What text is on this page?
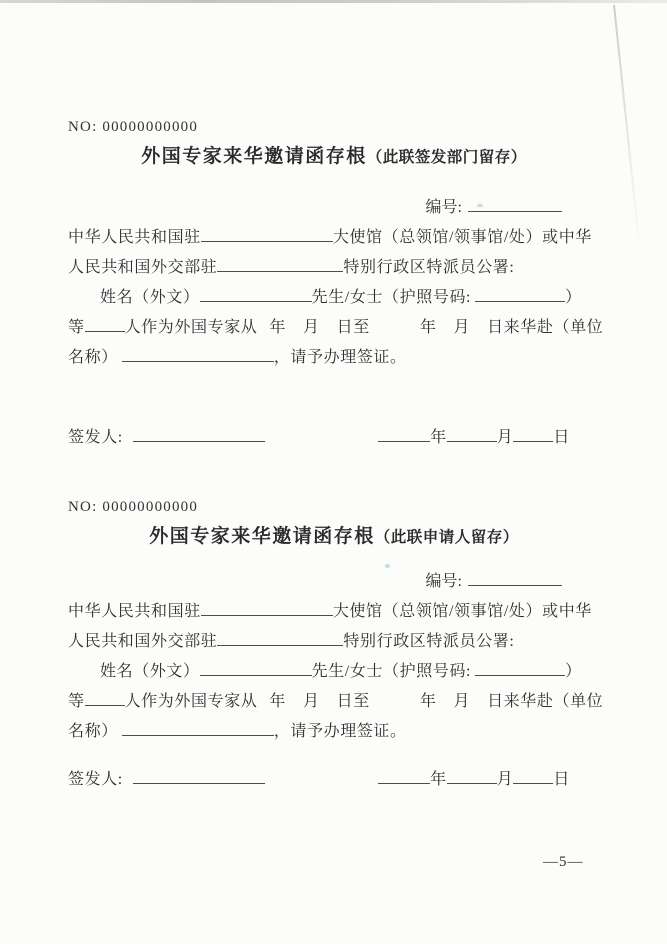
NO: 00000000000
外国专家来华邀请函存根（此联签发部门留存）
编号:
中华人民共和国驻	大使馆（总领馆/领事馆/处）或中华
人民共和国外交部驻	特别行政区特派员公署:
姓名（外文）	先生/女士（护照号码:	）
等	人作为外国专家从 年 月 日至	年 月 日来华赴（单位
名称）	，请予办理签证。
签发人:	年	月	日
NO: 00000000000
外国专家来华邀请函存根（此联申请人留存）
编号:
中华人民共和国驻	大使馆（总领馆/领事馆/处）或中华
人民共和国外交部驻	特别行政区特派员公署:
姓名（外文）	先生/女士（护照号码:	）
等	人作为外国专家从 年 月 日至	年 月 日来华赴（单位
名称）	，请予办理签证。
签发人:	年	月	日
—5—
